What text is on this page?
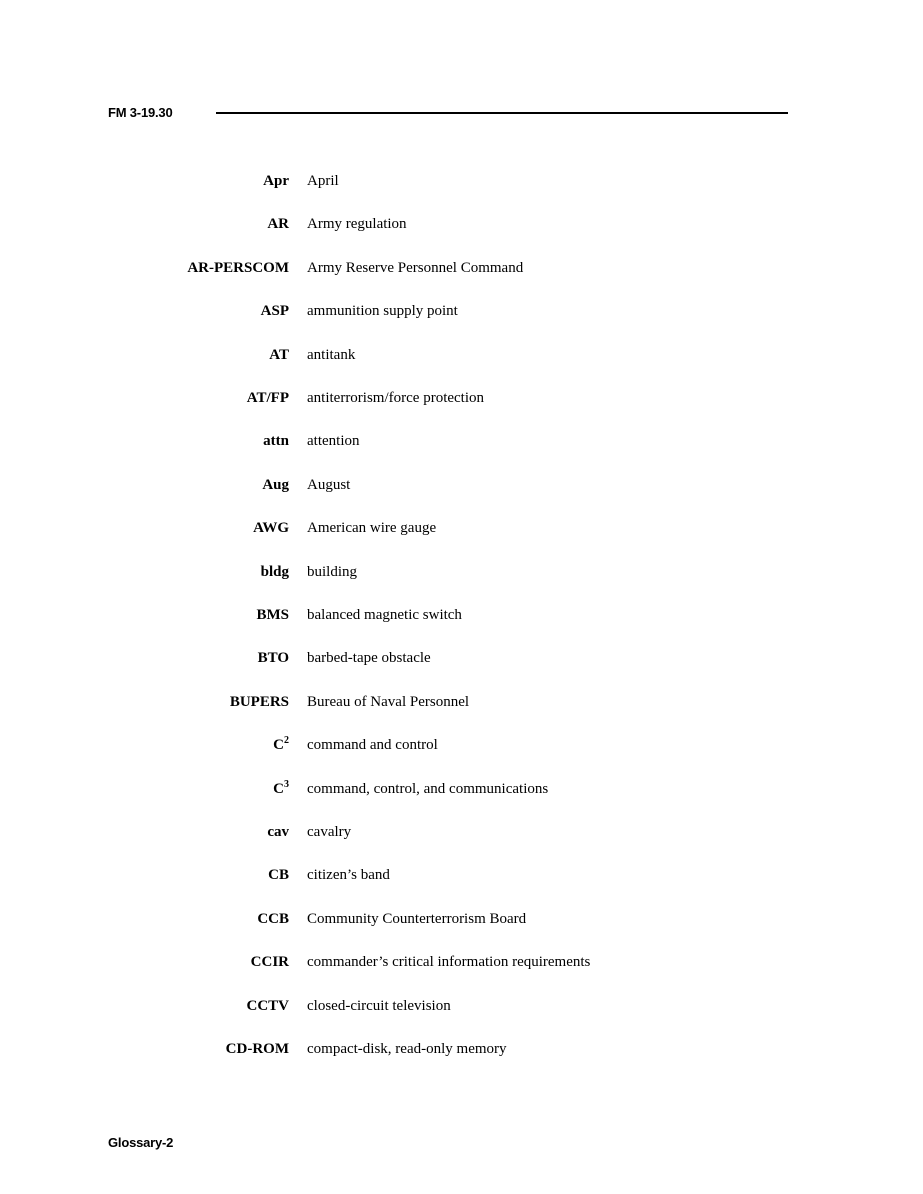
FM 3-19.30
Apr April
AR Army regulation
AR-PERSCOM Army Reserve Personnel Command
ASP ammunition supply point
AT antitank
AT/FP antiterrorism/force protection
attn attention
Aug August
AWG American wire gauge
bldg building
BMS balanced magnetic switch
BTO barbed-tape obstacle
BUPERS Bureau of Naval Personnel
$C^2$ command and control
$C^3$ command, control, and communications
cav cavalry
CB citizen’s band
CCB Community Counterterrorism Board
CCIR commander’s critical information requirements
CCTV closed-circuit television
CD-ROM compact-disk, read-only memory
Glossary-2
